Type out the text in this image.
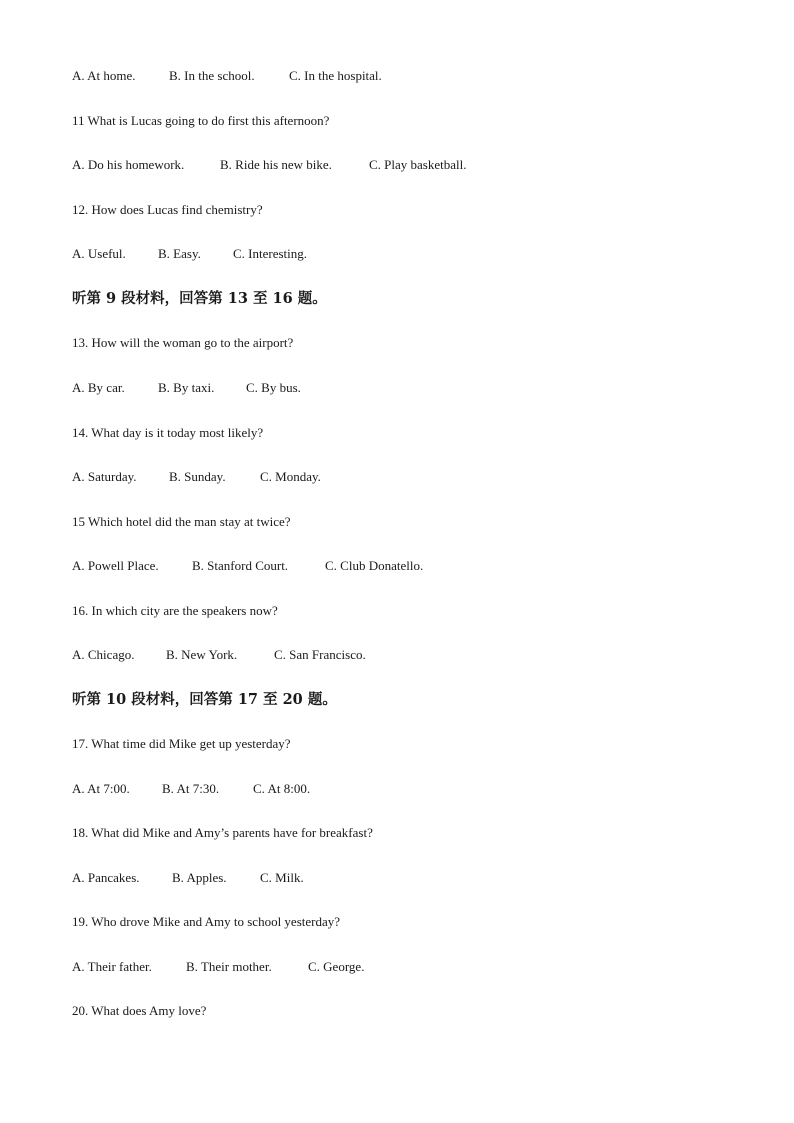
A. At home.	B. In the school.	C. In the hospital.
11 What is Lucas going to do first this afternoon?
A. Do his homework.	B. Ride his new bike.	C. Play basketball.
12. How does Lucas find chemistry?
A. Useful. B. Easy. C. Interesting.
听第 9 段材料，回答第 13 至 16 题。
13. How will the woman go to the airport?
A. By car.	B. By taxi. C. By bus.
14. What day is it today most likely?
A. Saturday. B. Sunday.	C. Monday.
15 Which hotel did the man stay at twice?
A. Powell Place.	B. Stanford Court.	C. Club Donatello.
16. In which city are the speakers now?
A. Chicago. B. New York.	C. San Francisco.
听第 10 段材料，回答第 17 至 20 题。
17. What time did Mike get up yesterday?
A. At 7:00. B. At 7:30.	C. At 8:00.
18. What did Mike and Amy’s parents have for breakfast?
A. Pancakes. B. Apples.	C. Milk.
19. Who drove Mike and Amy to school yesterday?
A. Their father.	B. Their mother.	C. George.
20. What does Amy love?
